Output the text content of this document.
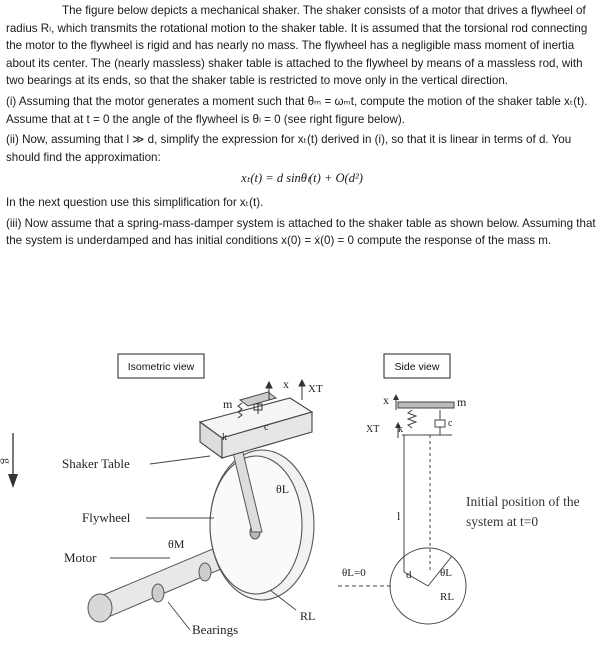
The figure below depicts a mechanical shaker. The shaker consists of a motor that drives a flywheel of radius Rₗ, which transmits the rotational motion to the shaker table. It is assumed that the torsional rod connecting the motor to the flywheel is rigid and has nearly no mass. The flywheel has a negligible mass moment of inertia about its center. The (nearly massless) shaker table is attached to the flywheel by means of a massless rod, with two bearings at its ends, so that the shaker table is restricted to move only in the vertical direction.

(i) Assuming that the motor generates a moment such that θₘ = ωₘt, compute the motion of the shaker table xₜ(t). Assume that at t = 0 the angle of the flywheel is θₗ = 0 (see right figure below).

(ii) Now, assuming that l ≫ d, simplify the expression for xₜ(t) derived in (i), so that it is linear in terms of d. You should find the approximation:

xₜ(t) = d sinθₗ(t) + O(d²)

In the next question use this simplification for xₜ(t).

(iii) Now assume that a spring-mass-damper system is attached to the shaker table as shown below. Assuming that the system is underdamped and has initial conditions x(0) = ẋ(0) = 0 compute the response of the mass m.

g
Isometric view	Side view
x XT
m
k
c
θM
θL
RL
Shaker Table
Flywheel
Motor
Bearings
x
XT
m
k
c
l
d	θL
RL
θL=0
Initial position of the
system at t=0
